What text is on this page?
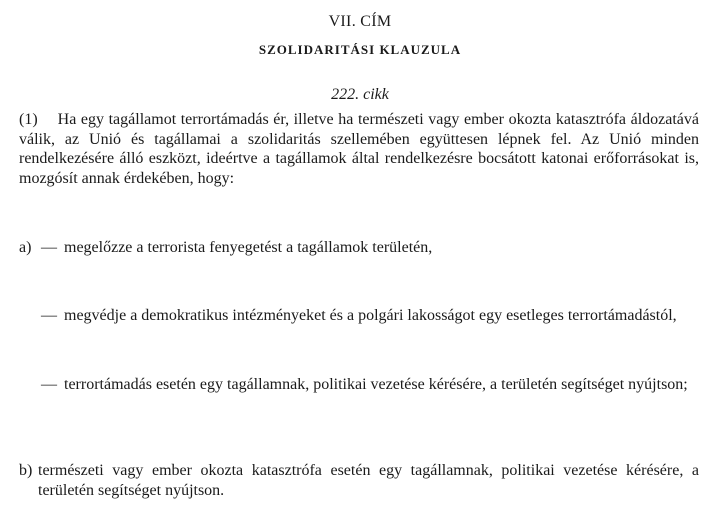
VII. CÍM
SZOLIDARITÁSI KLAUZULA
222. cikk

(1) Ha egy tagállamot terrortámadás ér, illetve ha természeti vagy ember okozta katasztrófa áldozatává válik, az Unió és tagállamai a szolidaritás szellemében együttesen lépnek fel. Az Unió minden rendelkezésére álló eszközt, ideértve a tagállamok által rendelkezésre bocsátott katonai erőforrásokat is, mozgósít annak érdekében, hogy:

a) — megelőzze a terrorista fenyegetést a tagállamok területén,
— megvédje a demokratikus intézményeket és a polgári lakosságot egy esetleges terrortámadástól,
— terrortámadás esetén egy tagállamnak, politikai vezetése kérésére, a területén segítséget nyújtson;
b) természeti vagy ember okozta katasztrófa esetén egy tagállamnak, politikai vezetése kérésére, a területén segítséget nyújtson.
